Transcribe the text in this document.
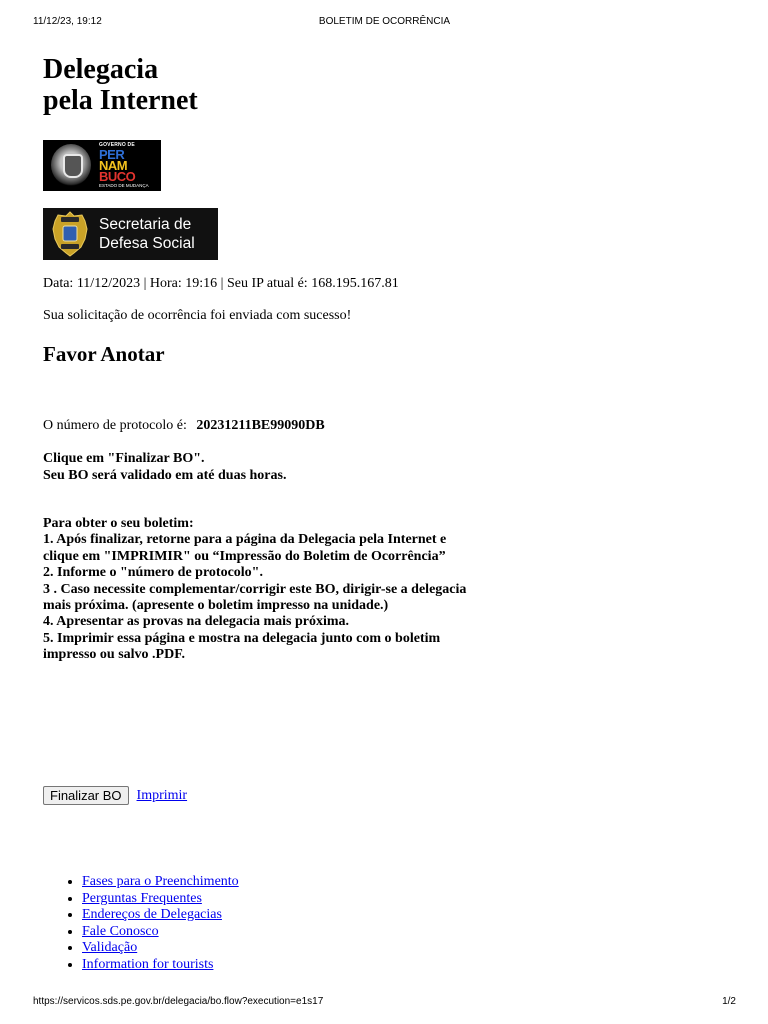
11/12/23, 19:12	BOLETIM DE OCORRÊNCIA
Delegacia
pela Internet
GOVERNO DE
PER
NAM
BUCO
ESTADO DE MUDANÇA
Secretaria de
Defesa Social
Data: 11/12/2023 | Hora: 19:16 | Seu IP atual é: 168.195.167.81
Sua solicitação de ocorrência foi enviada com sucesso!
Favor Anotar
O número de protocolo é: 20231211BE99090DB
Clique em "Finalizar BO".
Seu BO será validado em até duas horas.
Para obter o seu boletim:
1. Após finalizar, retorne para a página da Delegacia pela Internet e
clique em "IMPRIMIR" ou “Impressão do Boletim de Ocorrência”
2. Informe o "número de protocolo".
3 . Caso necessite complementar/corrigir este BO, dirigir-se a delegacia
mais próxima. (apresente o boletim impresso na unidade.)
4. Apresentar as provas na delegacia mais próxima.
5. Imprimir essa página e mostra na delegacia junto com o boletim
impresso ou salvo .PDF.
Finalizar BO Imprimir
• Fases para o Preenchimento
• Perguntas Frequentes
• Endereços de Delegacias
• Fale Conosco
• Validação
• Information for tourists
https://servicos.sds.pe.gov.br/delegacia/bo.flow?execution=e1s17	1/2
